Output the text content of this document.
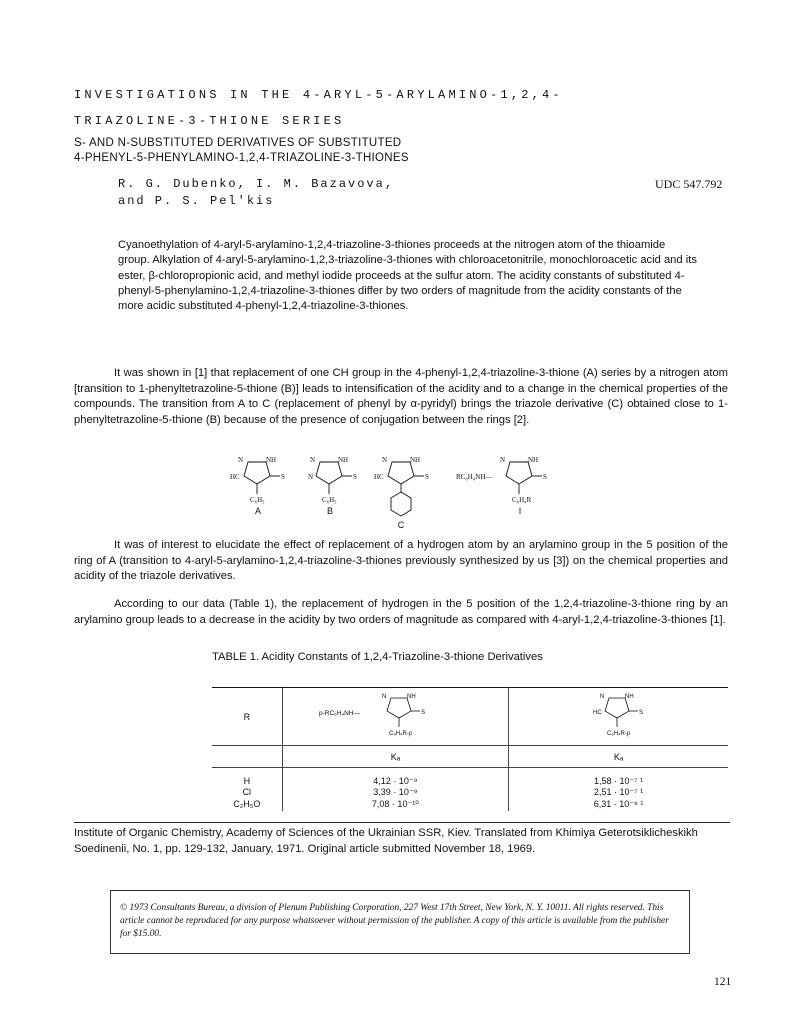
INVESTIGATIONS IN THE 4-ARYL-5-ARYLAMINO-1,2,4-
TRIAZOLINE-3-THIONE SERIES
S- AND N-SUBSTITUTED DERIVATIVES OF SUBSTITUTED
4-PHENYL-5-PHENYLAMINO-1,2,4-TRIAZOLINE-3-THIONES
R. G. Dubenko, I. M. Bazavova,
and P. S. Pel'kis
UDC 547.792
Cyanoethylation of 4-aryl-5-arylamino-1,2,4-triazoline-3-thiones proceeds at the nitrogen atom of the thioamide group. Alkylation of 4-aryl-5-arylamino-1,2,3-triazoline-3-thiones with chloroacetonitrile, monochloroacetic acid and its ester, β-chloropropionic acid, and methyl iodide proceeds at the sulfur atom. The acidity constants of substituted 4-phenyl-5-phenylamino-1,2,4-triazoline-3-thiones differ by two orders of magnitude from the acidity constants of the more acidic substituted 4-phenyl-1,2,4-triazoline-3-thiones.
It was shown in [1] that replacement of one CH group in the 4-phenyl-1,2,4-triazoline-3-thione (A) series by a nitrogen atom [transition to 1-phenyltetrazoline-5-thione (B)] leads to intensification of the acidity and to a change in the chemical properties of the compounds. The transition from A to C (replacement of phenyl by α-pyridyl) brings the triazole derivative (C) obtained close to 1-phenyltetrazoline-5-thione (B) because of the presence of conjugation between the rings [2].
N	NH
HC	S
C₆H₅
A
N	NH
N	S
C₆H₅
B
N	NH
HC	S
C
RC₆H₄NH—
N	NH
S
C₆H₄R
I
It was of interest to elucidate the effect of replacement of a hydrogen atom by an arylamino group in the 5 position of the ring of A (transition to 4-aryl-5-arylamino-1,2,4-triazoline-3-thiones previously synthesized by us [3]) on the chemical properties and acidity of the triazole derivatives.
According to our data (Table 1), the replacement of hydrogen in the 5 position of the 1,2,4-triazoline-3-thione ring by an arylamino group leads to a decrease in the acidity by two orders of magnitude as compared with 4-aryl-1,2,4-triazoline-3-thiones [1].
TABLE 1. Acidity Constants of 1,2,4-Triazoline-3-thione Derivatives
R	p-RC₆H₄NH—
N NH
S
C₆H₄R-p	N NH
HC S
C₆H₄R-p

	Kₐ	Kₐ

H	4,12 · 10⁻⁹	1,58 · 10⁻⁷ ¹
Cl	3,39 · 10⁻⁹	2,51 · 10⁻⁷ ¹
C₂H₅O	7,08 · 10⁻¹⁰	6,31 · 10⁻⁸ ¹
Institute of Organic Chemistry, Academy of Sciences of the Ukrainian SSR, Kiev. Translated from Khimiya Geterotsiklicheskikh Soedinenii, No. 1, pp. 129-132, January, 1971. Original article submitted November 18, 1969.
© 1973 Consultants Bureau, a division of Plenum Publishing Corporation, 227 West 17th Street, New York, N. Y. 10011. All rights reserved. This article cannot be reproduced for any purpose whatsoever without permission of the publisher. A copy of this article is available from the publisher for $15.00.
121
